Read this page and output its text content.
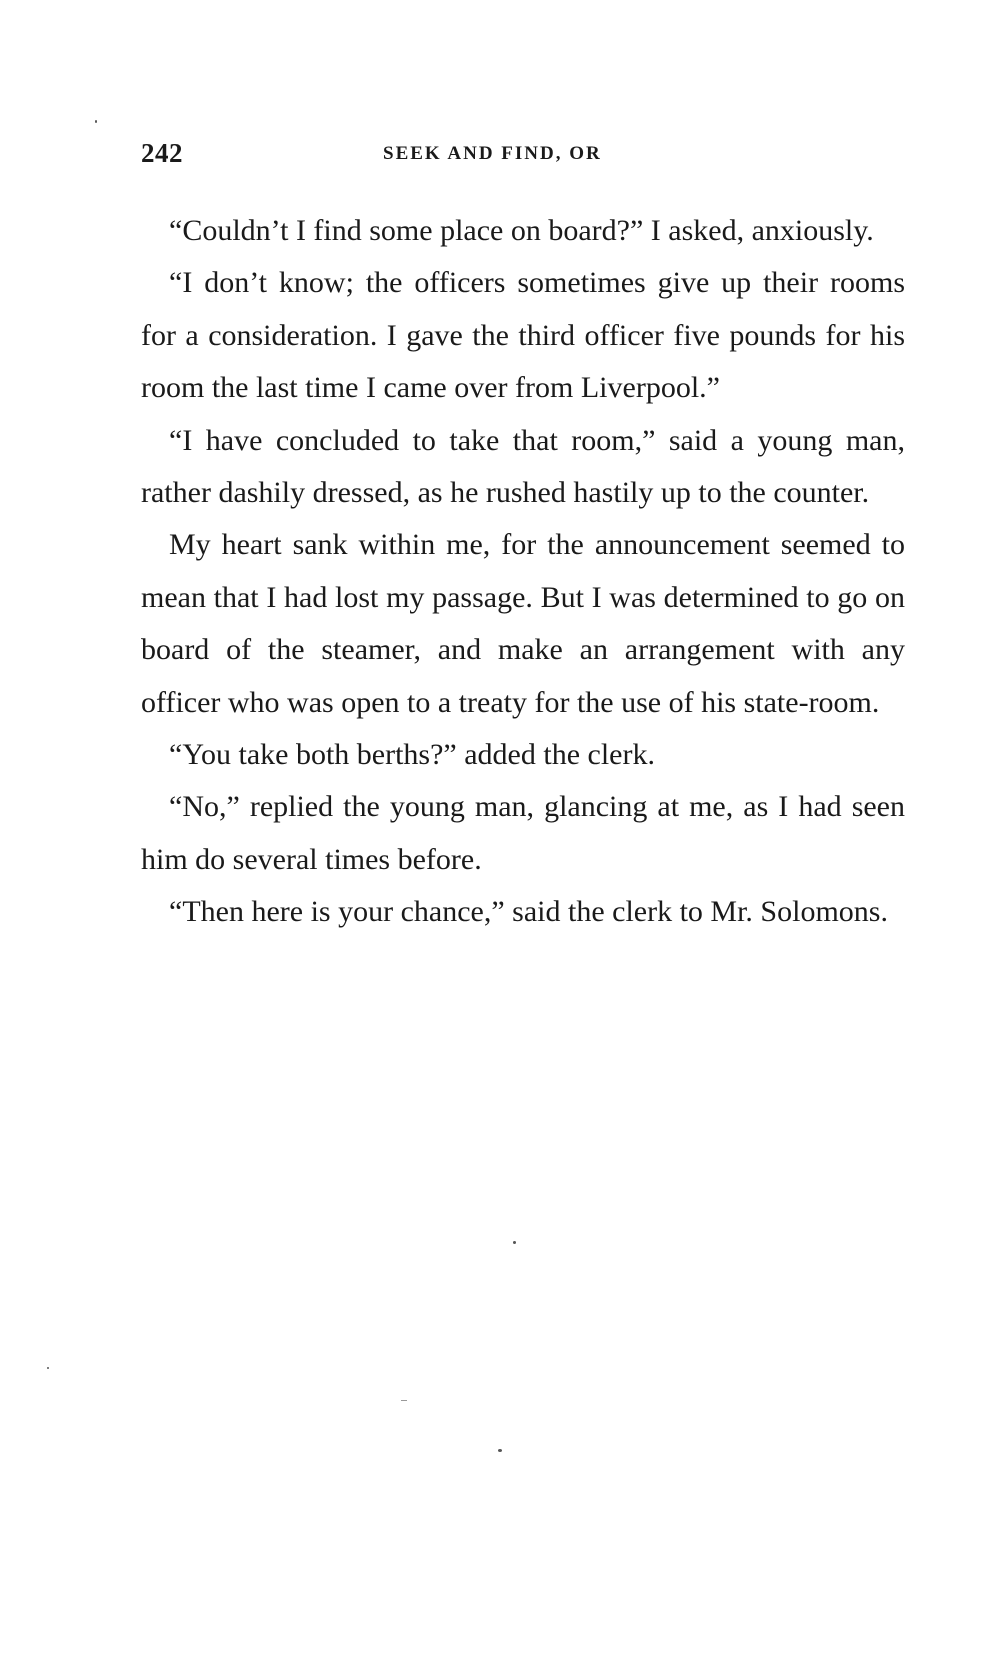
242	SEEK AND FIND, OR

“Couldn’t I find some place on board?” I asked, anxiously.

“I don’t know; the officers sometimes give up their rooms for a consideration. I gave the third officer five pounds for his room the last time I came over from Liverpool.”

“I have concluded to take that room,” said a young man, rather dashily dressed, as he rushed hastily up to the counter.

My heart sank within me, for the announcement seemed to mean that I had lost my passage. But I was determined to go on board of the steamer, and make an arrangement with any officer who was open to a treaty for the use of his state-room.

“You take both berths?” added the clerk.

“No,” replied the young man, glancing at me, as I had seen him do several times before.

“Then here is your chance,” said the clerk to Mr. Solomons.
